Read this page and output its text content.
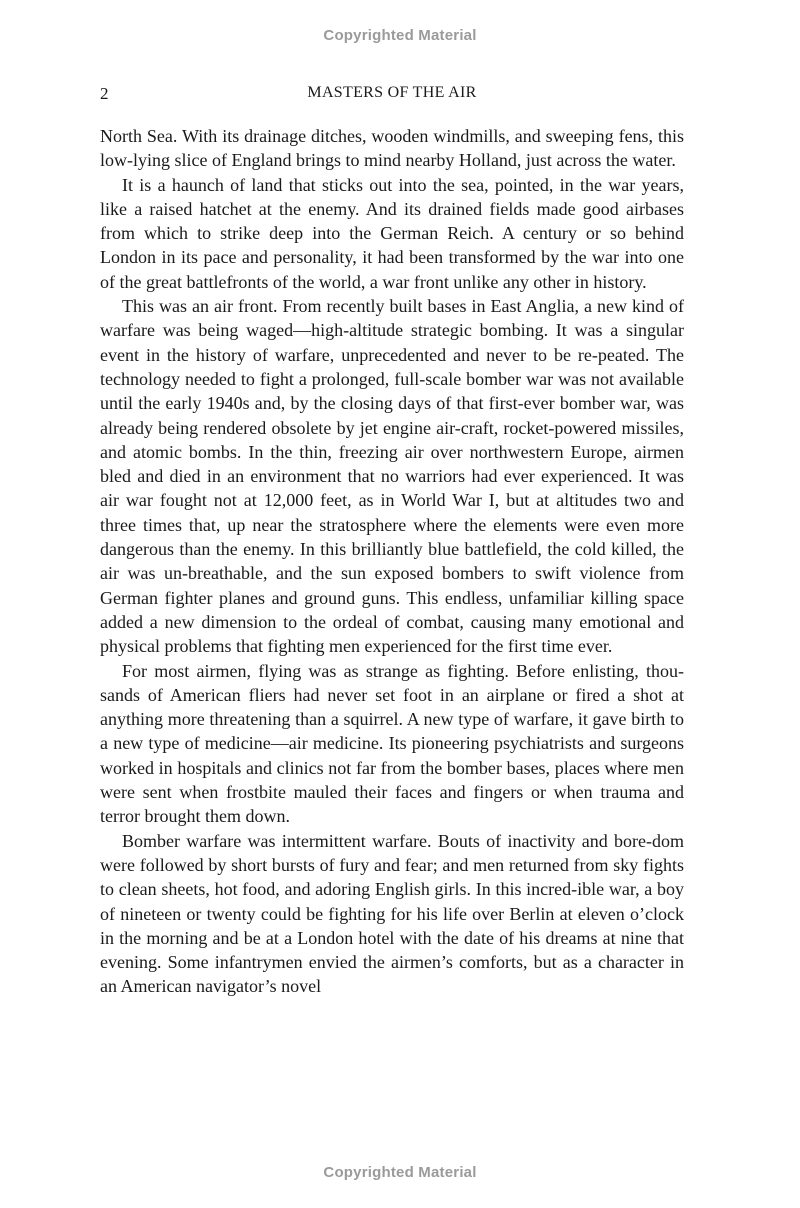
Copyrighted Material
2	MASTERS OF THE AIR

North Sea. With its drainage ditches, wooden windmills, and sweeping fens, this low-lying slice of England brings to mind nearby Holland, just across the water.

It is a haunch of land that sticks out into the sea, pointed, in the war years, like a raised hatchet at the enemy. And its drained fields made good airbases from which to strike deep into the German Reich. A century or so behind London in its pace and personality, it had been transformed by the war into one of the great battlefronts of the world, a war front unlike any other in history.

This was an air front. From recently built bases in East Anglia, a new kind of warfare was being waged—high-altitude strategic bombing. It was a singular event in the history of warfare, unprecedented and never to be re-peated. The technology needed to fight a prolonged, full-scale bomber war was not available until the early 1940s and, by the closing days of that first-ever bomber war, was already being rendered obsolete by jet engine air-craft, rocket-powered missiles, and atomic bombs. In the thin, freezing air over northwestern Europe, airmen bled and died in an environment that no warriors had ever experienced. It was air war fought not at 12,000 feet, as in World War I, but at altitudes two and three times that, up near the stratosphere where the elements were even more dangerous than the enemy. In this brilliantly blue battlefield, the cold killed, the air was un-breathable, and the sun exposed bombers to swift violence from German fighter planes and ground guns. This endless, unfamiliar killing space added a new dimension to the ordeal of combat, causing many emotional and physical problems that fighting men experienced for the first time ever.

For most airmen, flying was as strange as fighting. Before enlisting, thou-sands of American fliers had never set foot in an airplane or fired a shot at anything more threatening than a squirrel. A new type of warfare, it gave birth to a new type of medicine—air medicine. Its pioneering psychiatrists and surgeons worked in hospitals and clinics not far from the bomber bases, places where men were sent when frostbite mauled their faces and fingers or when trauma and terror brought them down.

Bomber warfare was intermittent warfare. Bouts of inactivity and bore-dom were followed by short bursts of fury and fear; and men returned from sky fights to clean sheets, hot food, and adoring English girls. In this incred-ible war, a boy of nineteen or twenty could be fighting for his life over Berlin at eleven o’clock in the morning and be at a London hotel with the date of his dreams at nine that evening. Some infantrymen envied the airmen’s comforts, but as a character in an American navigator’s novel

Copyrighted Material
